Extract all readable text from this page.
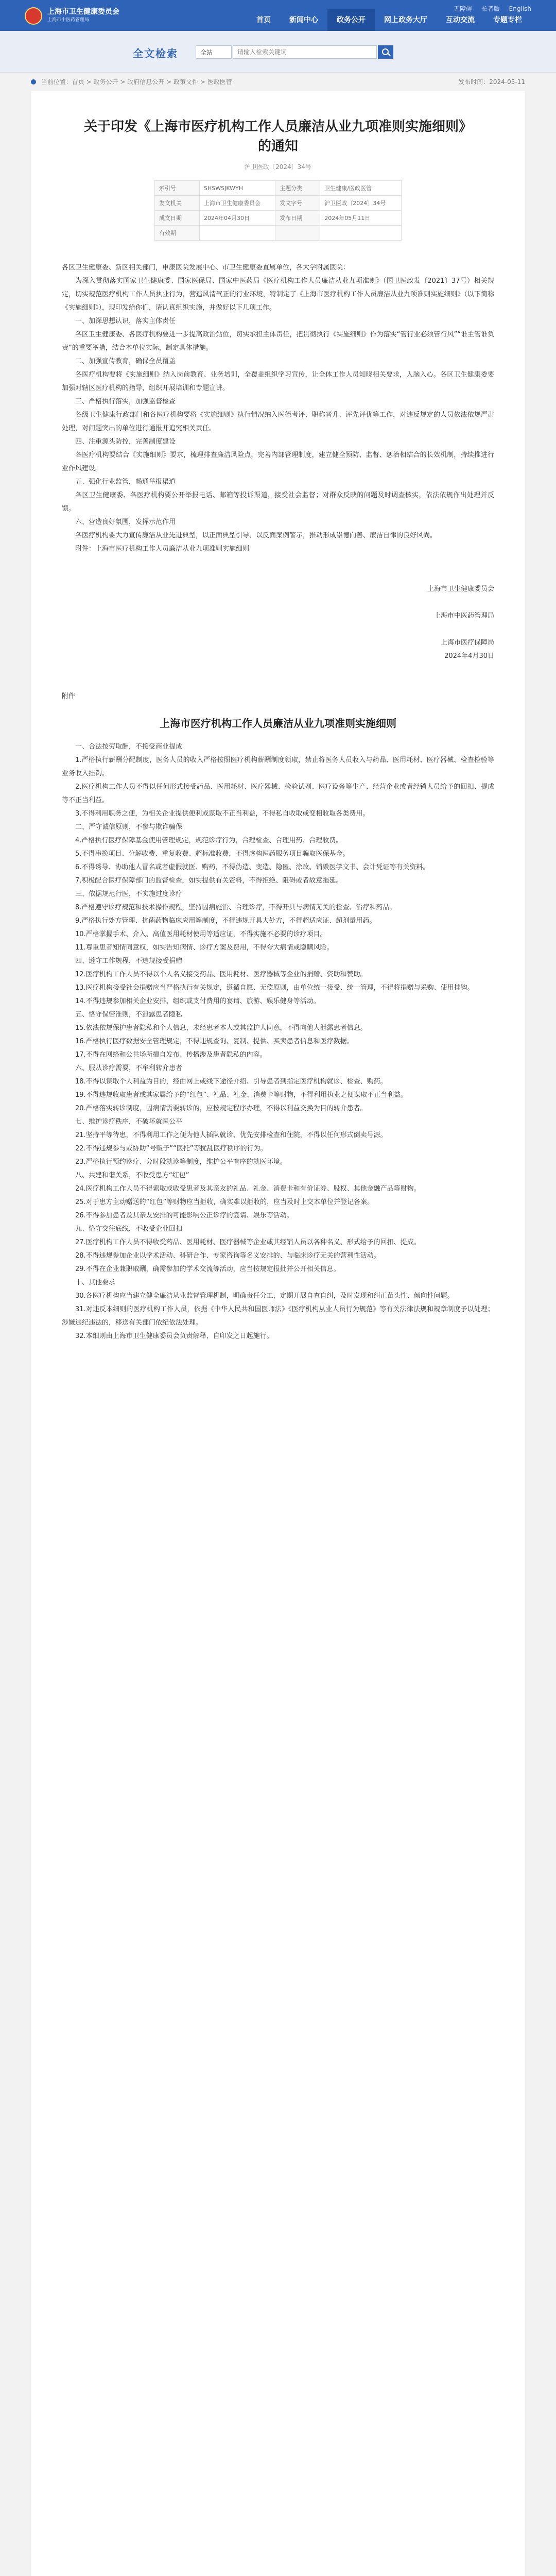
上海市卫生健康委员会
上海市中医药管理局
无障碍 长者版 English
首页	新闻中心	政务公开	网上政务大厅	互动交流	专题专栏
全文检索	全站
请输入检索关键词
当前位置：首页 > 政务公开 > 政府信息公开 > 政策文件 > 医政医管	发布时间：2024-05-11
关于印发《上海市医疗机构工作人员廉洁从业九项准则实施细则》
的通知
沪卫医政〔2024〕34号
索引号	SHSWSJKWYH	主题分类	卫生健康/医政医管
发文机关	上海市卫生健康委员会	发文字号	沪卫医政〔2024〕34号
成文日期	2024年04月30日	发布日期	2024年05月11日
有效期			

各区卫生健康委、新区相关部门，申康医院发展中心、市卫生健康委直属单位，各大学附属医院：

为深入贯彻落实国家卫生健康委、国家医保局、国家中医药局《医疗机构工作人员廉洁从业九项准则》（国卫医政发〔2021〕37号）相关规定，切实规范医疗机构工作人员执业行为，营造风清气正的行业环境，特制定了《上海市医疗机构工作人员廉洁从业九项准则实施细则》（以下简称《实施细则》），现印发给你们，请认真组织实施，并做好以下几项工作。

一、加深思想认识，落实主体责任

各区卫生健康委、各医疗机构要进一步提高政治站位，切实承担主体责任，把贯彻执行《实施细则》作为落实“管行业必须管行风”“谁主管谁负责”的重要举措，结合本单位实际，制定具体措施。

二、加强宣传教育，确保全员覆盖

各医疗机构要将《实施细则》纳入岗前教育、业务培训，全覆盖组织学习宣传，让全体工作人员知晓相关要求，入脑入心。各区卫生健康委要加强对辖区医疗机构的指导，组织开展培训和专题宣讲。

三、严格执行落实，加强监督检查

各级卫生健康行政部门和各医疗机构要将《实施细则》执行情况纳入医德考评、职称晋升、评先评优等工作，对违反规定的人员依法依规严肃处理，对问题突出的单位进行通报并追究相关责任。

四、注重源头防控，完善制度建设

各医疗机构要结合《实施细则》要求，梳理排查廉洁风险点，完善内部管理制度，建立健全预防、监督、惩治相结合的长效机制，持续推进行业作风建设。

五、强化行业监管，畅通举报渠道

各区卫生健康委、各医疗机构要公开举报电话、邮箱等投诉渠道，接受社会监督；对群众反映的问题及时调查核实，依法依规作出处理并反馈。

六、营造良好氛围，发挥示范作用

各医疗机构要大力宣传廉洁从业先进典型，以正面典型引导、以反面案例警示，推动形成崇德向善、廉洁自律的良好风尚。

附件：上海市医疗机构工作人员廉洁从业九项准则实施细则

上海市卫生健康委员会

上海市中医药管理局

上海市医疗保障局

2024年4月30日

附件

上海市医疗机构工作人员廉洁从业九项准则实施细则

一、合法按劳取酬，不接受商业提成

1.严格执行薪酬分配制度，医务人员的收入严格按照医疗机构薪酬制度领取，禁止将医务人员收入与药品、医用耗材、医疗器械、检查检验等业务收入挂钩。

2.医疗机构工作人员不得以任何形式接受药品、医用耗材、医疗器械、检验试剂、医疗设备等生产、经营企业或者经销人员给予的回扣、提成等不正当利益。

3.不得利用职务之便，为相关企业提供便利或谋取不正当利益，不得私自收取或变相收取各类费用。

二、严守诚信原则，不参与欺诈骗保

4.严格执行医疗保障基金使用管理规定，规范诊疗行为，合理检查、合理用药、合理收费。

5.不得串换项目、分解收费、重复收费、超标准收费，不得虚构医药服务项目骗取医保基金。

6.不得诱导、协助他人冒名或者虚假就医、购药，不得伪造、变造、隐匿、涂改、销毁医学文书、会计凭证等有关资料。

7.积极配合医疗保障部门的监督检查，如实提供有关资料，不得拒绝、阻碍或者故意拖延。

三、依据规范行医，不实施过度诊疗

8.严格遵守诊疗规范和技术操作规程，坚持因病施治、合理诊疗，不得开具与病情无关的检查、治疗和药品。

9.严格执行处方管理、抗菌药物临床应用等制度，不得违规开具大处方，不得超适应证、超剂量用药。

10.严格掌握手术、介入、高值医用耗材使用等适应证，不得实施不必要的诊疗项目。

11.尊重患者知情同意权，如实告知病情、诊疗方案及费用，不得夸大病情或隐瞒风险。

四、遵守工作规程，不违规接受捐赠

12.医疗机构工作人员不得以个人名义接受药品、医用耗材、医疗器械等企业的捐赠、资助和赞助。

13.医疗机构接受社会捐赠应当严格执行有关规定，遵循自愿、无偿原则，由单位统一接受、统一管理，不得将捐赠与采购、使用挂钩。

14.不得违规参加相关企业安排、组织或支付费用的宴请、旅游、娱乐健身等活动。

五、恪守保密准则，不泄露患者隐私

15.依法依规保护患者隐私和个人信息，未经患者本人或其监护人同意，不得向他人泄露患者信息。

16.严格执行医疗数据安全管理规定，不得违规查询、复制、提供、买卖患者信息和医疗数据。

17.不得在网络和公共场所擅自发布、传播涉及患者隐私的内容。

六、服从诊疗需要，不牟利转介患者

18.不得以谋取个人利益为目的，经由网上或线下途径介绍、引导患者到指定医疗机构就诊、检查、购药。

19.不得违规收取患者或其家属给予的“红包”、礼品、礼金、消费卡等财物，不得利用执业之便谋取不正当利益。

20.严格落实转诊制度，因病情需要转诊的，应按规定程序办理，不得以利益交换为目的转介患者。

七、维护诊疗秩序，不破坏就医公平

21.坚持平等待患，不得利用工作之便为他人插队就诊、优先安排检查和住院，不得以任何形式倒卖号源。

22.不得违规参与或协助“号贩子”“医托”等扰乱医疗秩序的行为。

23.严格执行预约诊疗、分时段就诊等制度，维护公平有序的就医环境。

八、共建和谐关系，不收受患方“红包”

24.医疗机构工作人员不得索取或收受患者及其亲友的礼品、礼金、消费卡和有价证券、股权、其他金融产品等财物。

25.对于患方主动赠送的“红包”等财物应当拒收，确实难以拒收的，应当及时上交本单位并登记备案。

26.不得参加患者及其亲友安排的可能影响公正诊疗的宴请、娱乐等活动。

九、恪守交往底线，不收受企业回扣

27.医疗机构工作人员不得收受药品、医用耗材、医疗器械等企业或其经销人员以各种名义、形式给予的回扣、提成。

28.不得违规参加企业以学术活动、科研合作、专家咨询等名义安排的、与临床诊疗无关的营利性活动。

29.不得在企业兼职取酬，确需参加的学术交流等活动，应当按规定报批并公开相关信息。

十、其他要求

30.各医疗机构应当建立健全廉洁从业监督管理机制，明确责任分工，定期开展自查自纠，及时发现和纠正苗头性、倾向性问题。

31.对违反本细则的医疗机构工作人员，依据《中华人民共和国医师法》《医疗机构从业人员行为规范》等有关法律法规和规章制度予以处理；涉嫌违纪违法的，移送有关部门依纪依法处理。

32.本细则由上海市卫生健康委员会负责解释，自印发之日起施行。
